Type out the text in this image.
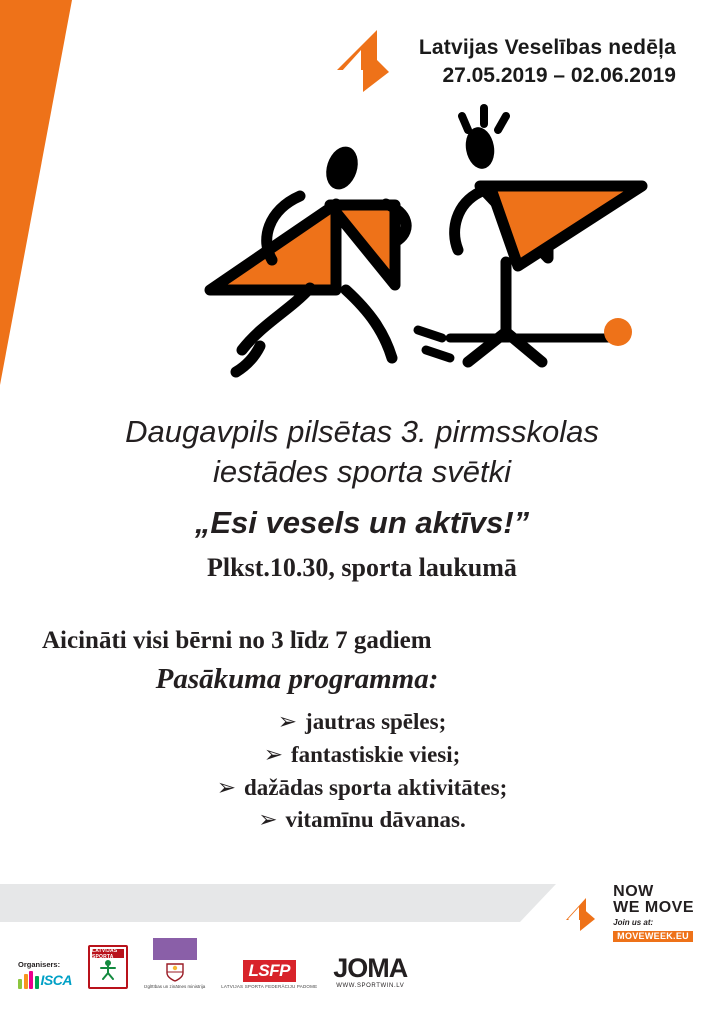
Latvijas Veselības nedēļa
27.05.2019 – 02.06.2019
Daugavpils pilsētas 3. pirmsskolas
iestādes sporta svētki
„Esi vesels un aktīvs!”
Plkst.10.30, sporta laukumā
Aicināti visi bērni no 3 līdz 7 gadiem
Pasākuma programma:
➢ jautras spēles;
➢ fantastiskie viesi;
➢ dažādas sporta aktivitātes;
➢ vitamīnu dāvanas.
NOW
WE MOVE
Join us at:
MOVEWEEK.EU
Organisers:
ISCA
LATVIJAS SPORTA
Izglītības un zinātnes ministrija
LSFP
LATVIJAS SPORTA FEDERĀCIJU PADOME
JOMA
WWW.SPORTWIN.LV
